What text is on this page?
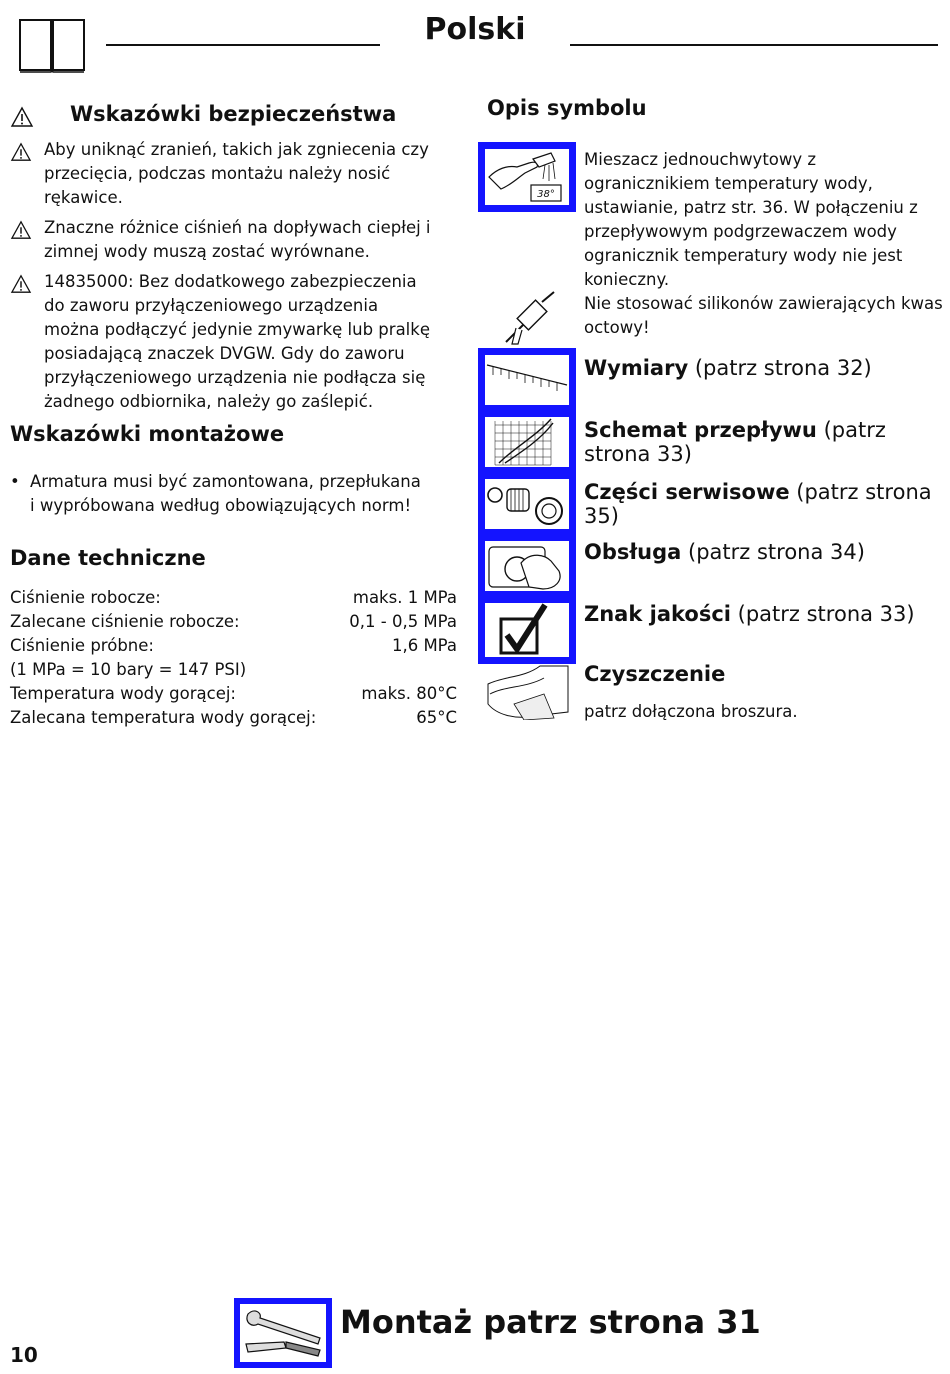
Polski
Wskazówki bezpieczeństwa
Aby uniknąć zranień, takich jak zgniecenia czy przecięcia, podczas montażu należy nosić rękawice.
Znaczne różnice ciśnień na dopływach ciepłej i zimnej wody muszą zostać wyrównane.
14835000: Bez dodatkowego zabezpieczenia do zaworu przyłączeniowego urządzenia można podłączyć jedynie zmywarkę lub pralkę posiadającą znaczek DVGW. Gdy do zaworu przyłączeniowego urządzenia nie podłącza się żadnego odbiornika, należy go zaślepić.
Wskazówki montażowe
• Armatura musi być zamontowana, przepłukana i wypróbowana według obowiązujących norm!
Dane techniczne
Ciśnienie robocze:	maks. 1 MPa
Zalecane ciśnienie robocze:	0,1 - 0,5 MPa
Ciśnienie próbne:	1,6 MPa
(1 MPa = 10 bary = 147 PSI)
Temperatura wody gorącej:	maks. 80°C
Zalecana temperatura wody gorącej:	65°C
Opis symbolu
38°
Mieszacz jednouchwytowy z ogranicznikiem temperatury wody, ustawianie, patrz str. 36. W połączeniu z przepływowym podgrzewaczem wody ogranicznik temperatury wody nie jest konieczny.
Nie stosować silikonów zawierających kwas octowy!
Wymiary (patrz strona 32)
Schemat przepływu (patrz strona 33)
Części serwisowe (patrz strona 35)
Obsługa (patrz strona 34)
Znak jakości (patrz strona 33)
Czyszczenie
patrz dołączona broszura.
Montaż patrz strona 31
10
